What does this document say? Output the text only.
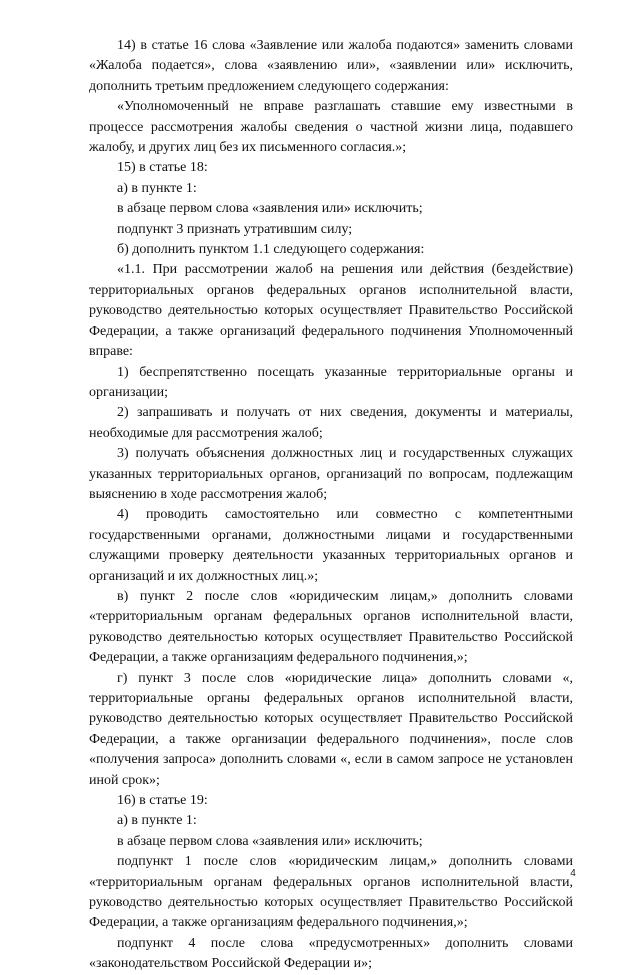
14) в статье 16 слова «Заявление или жалоба подаются» заменить словами «Жалоба подается», слова «заявлению или», «заявлении или» исключить, дополнить третьим предложением следующего содержания:

«Уполномоченный не вправе разглашать ставшие ему известными в процессе рассмотрения жалобы сведения о частной жизни лица, подавшего жалобу, и других лиц без их письменного согласия.»;

15) в статье 18:

а) в пункте 1:

в абзаце первом слова «заявления или» исключить;

подпункт 3 признать утратившим силу;

б) дополнить пунктом 1.1 следующего содержания:

«1.1. При рассмотрении жалоб на решения или действия (бездействие) территориальных органов федеральных органов исполнительной власти, руководство деятельностью которых осуществляет Правительство Российской Федерации, а также организаций федерального подчинения Уполномоченный вправе:

1) беспрепятственно посещать указанные территориальные органы и организации;

2) запрашивать и получать от них сведения, документы и материалы, необходимые для рассмотрения жалоб;

3) получать объяснения должностных лиц и государственных служащих указанных территориальных органов, организаций по вопросам, подлежащим выяснению в ходе рассмотрения жалоб;

4) проводить самостоятельно или совместно с компетентными государственными органами, должностными лицами и государственными служащими проверку деятельности указанных территориальных органов и организаций и их должностных лиц.»;

в) пункт 2 после слов «юридическим лицам,» дополнить словами «территориальным органам федеральных органов исполнительной власти, руководство деятельностью которых осуществляет Правительство Российской Федерации, а также организациям федерального подчинения,»;

г) пункт 3 после слов «юридические лица» дополнить словами «, территориальные органы федеральных органов исполнительной власти, руководство деятельностью которых осуществляет Правительство Российской Федерации, а также организации федерального подчинения», после слов «получения запроса» дополнить словами «, если в самом запросе не установлен иной срок»;

16) в статье 19:

а) в пункте 1:

в абзаце первом слова «заявления или» исключить;

подпункт 1 после слов «юридическим лицам,» дополнить словами «территориальным органам федеральных органов исполнительной власти, руководство деятельностью которых осуществляет Правительство Российской Федерации, а также организациям федерального подчинения,»;

подпункт 4 после слова «предусмотренных» дополнить словами «законодательством Российской Федерации и»;

4
